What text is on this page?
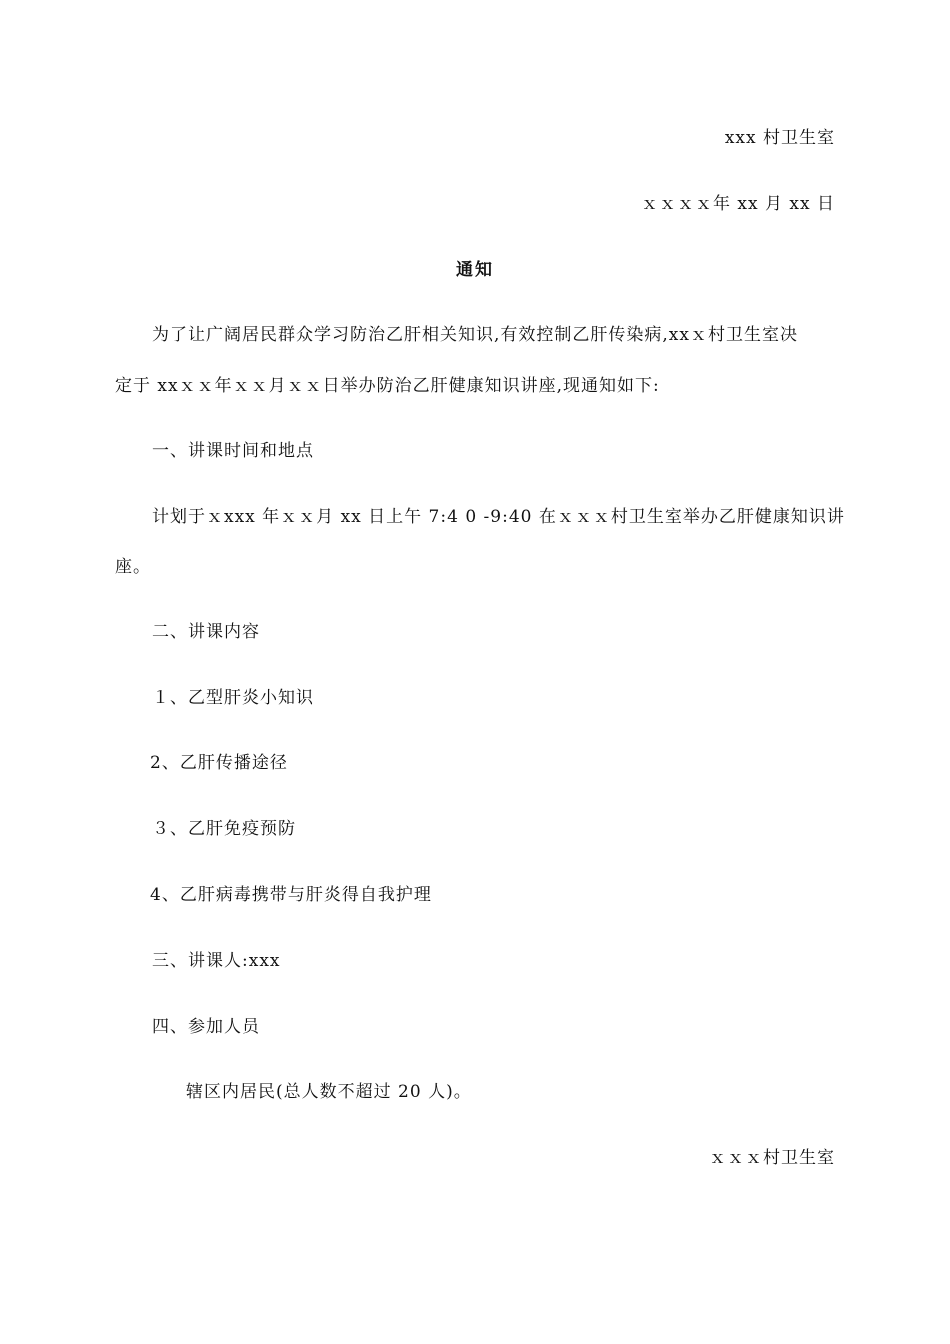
xxx 村卫生室
ｘｘｘｘ年 xx 月 xx 日
通知
为了让广阔居民群众学习防治乙肝相关知识,有效控制乙肝传染病,xxｘ村卫生室决
定于 xxｘｘ年ｘｘ月ｘｘ日举办防治乙肝健康知识讲座,现通知如下:
一、讲课时间和地点
计划于ｘxxx 年ｘｘ月 xx 日上午 7:4 0 -9:40 在ｘｘｘ村卫生室举办乙肝健康知识讲
座。
二、讲课内容
１、乙型肝炎小知识
2、乙肝传播途径
３、乙肝免疫预防
4、乙肝病毒携带与肝炎得自我护理
三、讲课人:xxx
四、参加人员
辖区内居民(总人数不超过 20 人)。
ｘｘｘ村卫生室
